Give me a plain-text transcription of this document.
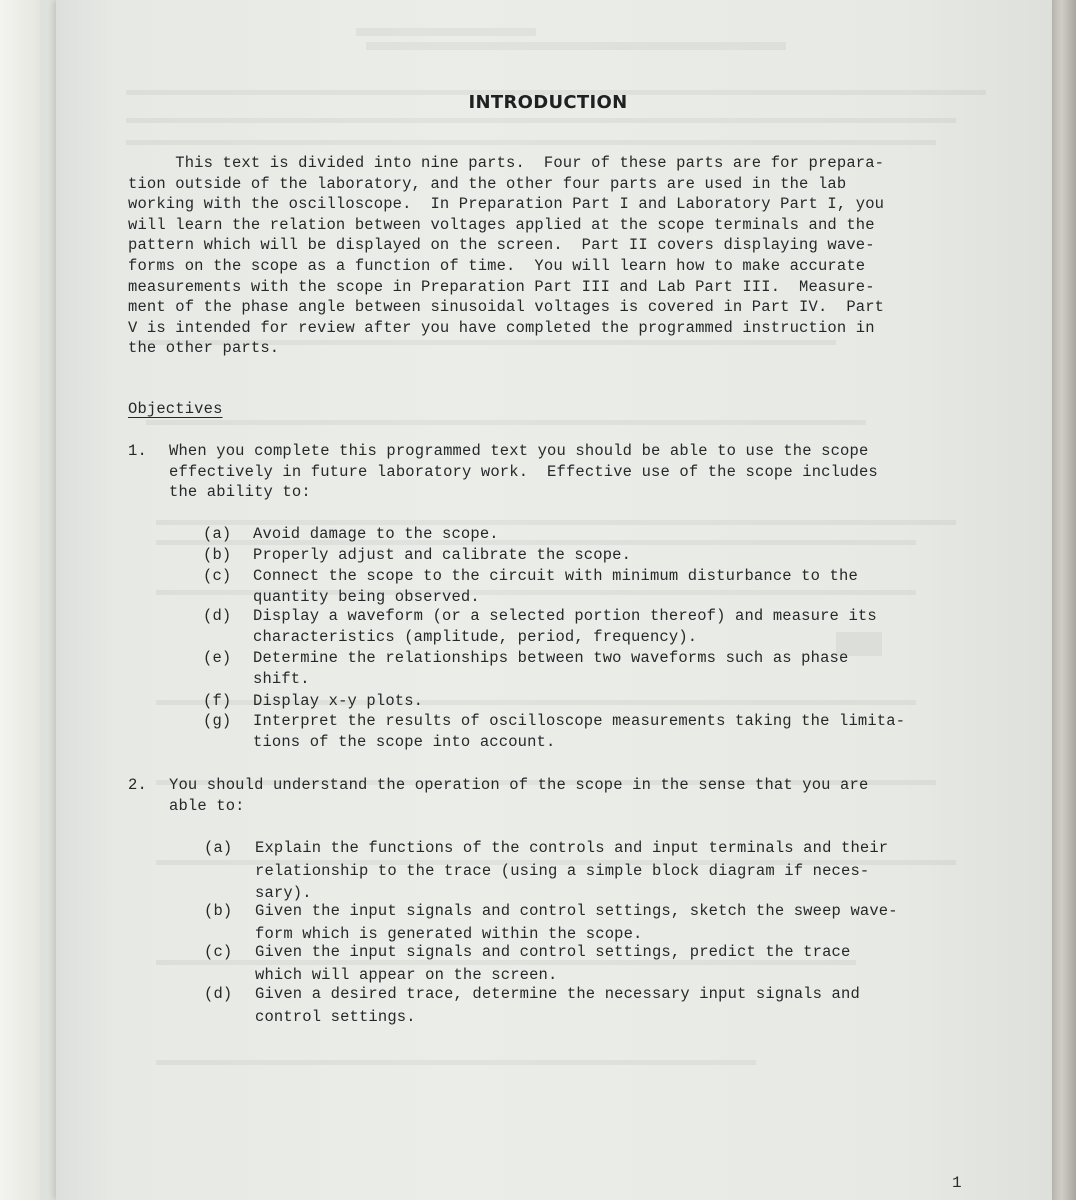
INTRODUCTION
This text is divided into nine parts.  Four of these parts are for prepara-
tion outside of the laboratory, and the other four parts are used in the lab
working with the oscilloscope.  In Preparation Part I and Laboratory Part I, you
will learn the relation between voltages applied at the scope terminals and the
pattern which will be displayed on the screen.  Part II covers displaying wave-
forms on the scope as a function of time.  You will learn how to make accurate
measurements with the scope in Preparation Part III and Lab Part III.  Measure-
ment of the phase angle between sinusoidal voltages is covered in Part IV.  Part
V is intended for review after you have completed the programmed instruction in
the other parts.
Objectives
1. When you complete this programmed text you should be able to use the scope
effectively in future laboratory work.  Effective use of the scope includes
the ability to:
(a) Avoid damage to the scope.
(b) Properly adjust and calibrate the scope.
(c) Connect the scope to the circuit with minimum disturbance to the
quantity being observed.
(d) Display a waveform (or a selected portion thereof) and measure its
characteristics (amplitude, period, frequency).
(e) Determine the relationships between two waveforms such as phase
shift.
(f) Display x-y plots.
(g) Interpret the results of oscilloscope measurements taking the limita-
tions of the scope into account.
2. You should understand the operation of the scope in the sense that you are
able to:
(a) Explain the functions of the controls and input terminals and their
relationship to the trace (using a simple block diagram if neces-
sary).
(b) Given the input signals and control settings, sketch the sweep wave-
form which is generated within the scope.
(c) Given the input signals and control settings, predict the trace
which will appear on the screen.
(d) Given a desired trace, determine the necessary input signals and
control settings.
1
